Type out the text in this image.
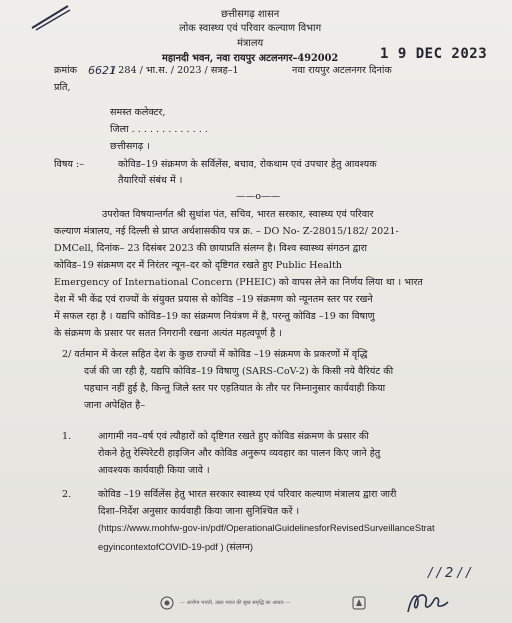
छत्तीसगढ़ शासन
लोक स्वास्थ्य एवं परिवार कल्याण विभाग
मंत्रालय
महानदी भवन, नवा रायपुर अटलनगर–492002	1 9 DEC 2023
क्रमांक 6621
/ 284 / भा.स. / 2023 / सत्रह–1	नवा रायपुर अटलनगर दिनांक
प्रति,
समस्त कलेक्टर,
जिला . . . . . . . . . . . . .
छत्तीसगढ़ ।
विषय :–	कोविड–19 संक्रमण के सर्विलेंस, बचाव, रोकथाम एवं उपचार हेतु आवश्यक
तैयारियों संबंध में ।
——o——
उपरोक्त विषयान्तर्गत श्री सुधांश पंत, सचिव, भारत सरकार, स्वास्थ्य एवं परिवार
कल्याण मंत्रालय, नई दिल्ली से प्राप्त अर्धशासकीय पत्र क्र. – DO No- Z-28015/182/ 2021-
DMCell, दिनांक– 23 दिसंबर 2023 की छायाप्रति संलग्न है। विश्व स्वास्थ्य संगठन द्वारा
कोविड–19 संक्रमण दर में निरंतर न्यून–दर को दृष्टिगत रखते हुए Public Health
Emergency of International Concern (PHEIC) को वापस लेने का निर्णय लिया था । भारत
देश में भी केंद्र एवं राज्यों के संयुक्त प्रयास से कोविड –19 संक्रमण को न्यूनतम स्तर पर रखने
में सफल रहा है । यद्यपि कोविड–19 का संक्रमण नियंत्रण में है, परन्तु कोविड –19 का विषाणु
के संक्रमण के प्रसार पर सतत निगरानी रखना अत्यंत महत्वपूर्ण है ।
2/ वर्तमान में केरल सहित देश के कुछ राज्यों में कोविड –19 संक्रमण के प्रकरणों में वृद्धि
दर्ज की जा रही है, यद्यपि कोविड–19 विषाणु (SARS-CoV-2) के किसी नये वैरियंट की
पहचान नहीं हुई है, किन्तु जिले स्तर पर एहतियात के तौर पर निम्नानुसार कार्यवाही किया
जाना अपेक्षित है–
1.	आगामी नव–वर्ष एवं त्यौहारों को दृष्टिगत रखते हुए कोविड संक्रमण के प्रसार की
रोकने हेतु रेस्पिरेटरी हाइजिन और कोविड अनुरूप व्यवहार का पालन किए जाने हेतु
आवश्यक कार्यवाही किया जावे ।
2.	कोविड –19 सर्विलेंस हेतु भारत सरकार स्वास्थ्य एवं परिवार कल्याण मंत्रालय द्वारा जारी
दिशा–निर्देश अनुसार कार्यवाही किया जाना सुनिश्चित करें ।
(https://www.mohfw-gov-in/pdf/OperationalGuidelinesforRevisedSurveillanceStrat
egyincontextofCOVID-19-pdf ) (संलग्न)
/ / 2 / /
— आरोग्य भारती, उन्नत भारत की सुख समृद्धि का आधार —
